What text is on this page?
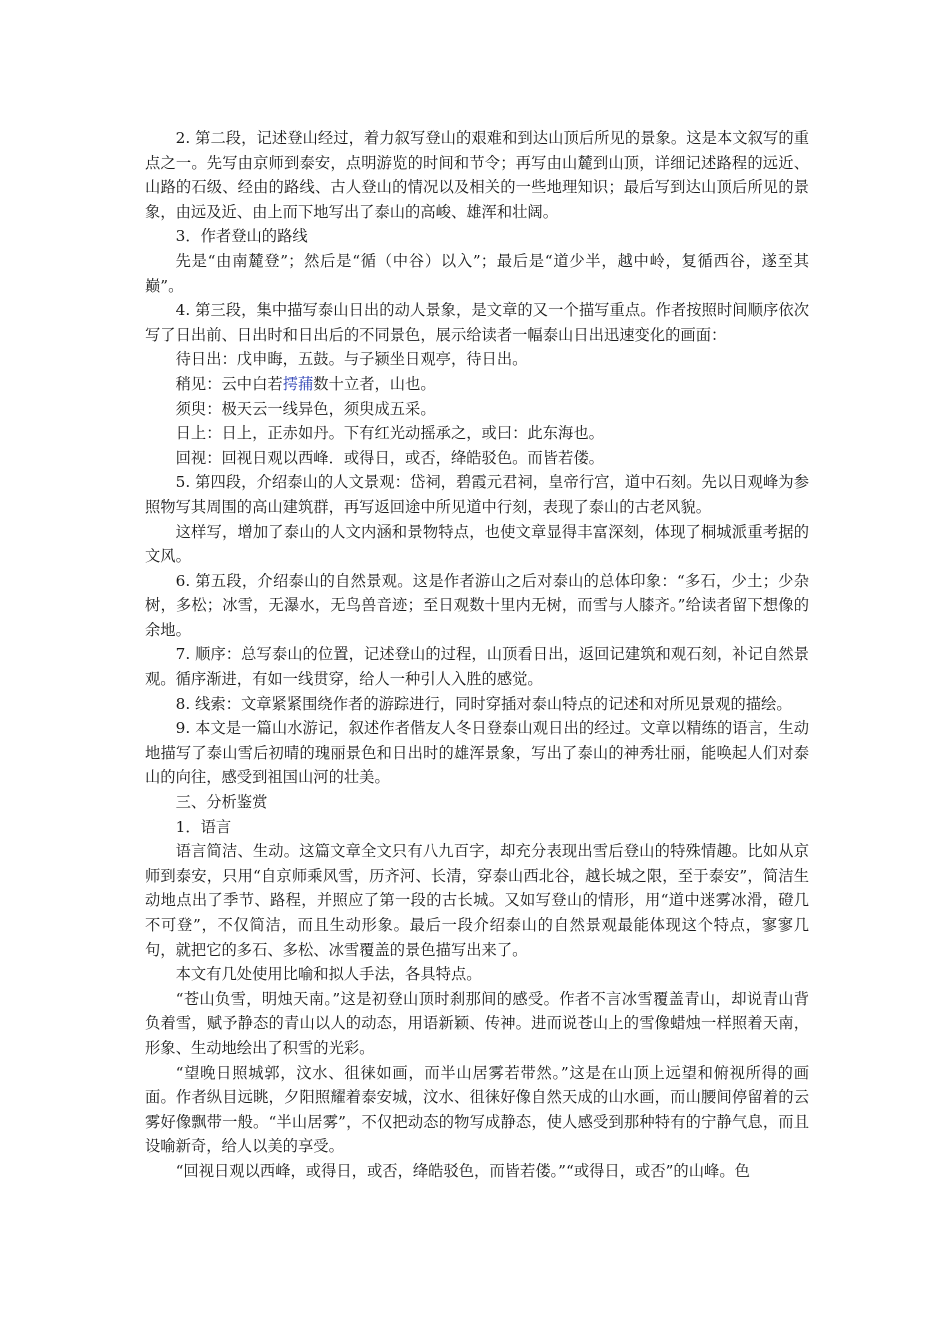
2. 第二段，记述登山经过，着力叙写登山的艰难和到达山顶后所见的景象。这是本文叙写的重点之一。先写由京师到泰安，点明游览的时间和节令；再写由山麓到山顶，详细记述路程的远近、山路的石级、经由的路线、古人登山的情况以及相关的一些地理知识；最后写到达山顶后所见的景象，由远及近、由上而下地写出了泰山的高峻、雄浑和壮阔。

3．作者登山的路线

先是“由南麓登”；然后是“循（中谷）以入”；最后是“道少半，越中岭，复循西谷，遂至其巅”。

4. 第三段，集中描写泰山日出的动人景象，是文章的又一个描写重点。作者按照时间顺序依次写了日出前、日出时和日出后的不同景色，展示给读者一幅泰山日出迅速变化的画面：

待日出：戊申晦，五鼓。与子颍坐日观亭，待日出。

稍见：云中白若摴蒱数十立者，山也。

须臾：极天云一线异色，须臾成五采。

日上：日上，正赤如丹。下有红光动摇承之，或曰：此东海也。

回视：回视日观以西峰．或得日，或否，绛皓驳色。而皆若偻。

5. 第四段，介绍泰山的人文景观：岱祠，碧霞元君祠，皇帝行宫，道中石刻。先以日观峰为参照物写其周围的高山建筑群，再写返回途中所见道中行刻，表现了泰山的古老风貌。

这样写，增加了泰山的人文内涵和景物特点，也使文章显得丰富深刻，体现了桐城派重考据的文风。

6. 第五段，介绍泰山的自然景观。这是作者游山之后对泰山的总体印象：“多石，少土；少杂树，多松；冰雪，无瀑水，无鸟兽音迹；至日观数十里内无树，而雪与人膝齐。”给读者留下想像的余地。

7. 顺序：总写泰山的位置，记述登山的过程，山顶看日出，返回记建筑和观石刻，补记自然景观。循序渐进，有如一线贯穿，给人一种引人入胜的感觉。

8. 线索：文章紧紧围绕作者的游踪进行，同时穿插对泰山特点的记述和对所见景观的描绘。

9. 本文是一篇山水游记，叙述作者偕友人冬日登泰山观日出的经过。文章以精练的语言，生动地描写了泰山雪后初晴的瑰丽景色和日出时的雄浑景象，写出了泰山的神秀壮丽，能唤起人们对泰山的向往，感受到祖国山河的壮美。

三、分析鉴赏

1．语言

语言简洁、生动。这篇文章全文只有八九百字，却充分表现出雪后登山的特殊情趣。比如从京师到泰安，只用“自京师乘风雪，历齐河、长清，穿泰山西北谷，越长城之限，至于泰安”，简洁生动地点出了季节、路程，并照应了第一段的古长城。又如写登山的情形，用“道中迷雾冰滑，磴几不可登”，不仅简洁，而且生动形象。最后一段介绍泰山的自然景观最能体现这个特点，寥寥几句，就把它的多石、多松、冰雪覆盖的景色描写出来了。

本文有几处使用比喻和拟人手法，各具特点。

“苍山负雪，明烛天南。”这是初登山顶时刹那间的感受。作者不言冰雪覆盖青山，却说青山背负着雪，赋予静态的青山以人的动态，用语新颖、传神。进而说苍山上的雪像蜡烛一样照着天南，形象、生动地绘出了积雪的光彩。

“望晚日照城郭，汶水、徂徕如画，而半山居雾若带然。”这是在山顶上远望和俯视所得的画面。作者纵目远眺，夕阳照耀着泰安城，汶水、徂徕好像自然天成的山水画，而山腰间停留着的云雾好像飘带一般。“半山居雾”，不仅把动态的物写成静态，使人感受到那种特有的宁静气息，而且设喻新奇，给人以美的享受。

“回视日观以西峰，或得日，或否，绛皓驳色，而皆若偻。”“或得日，或否”的山峰。色
